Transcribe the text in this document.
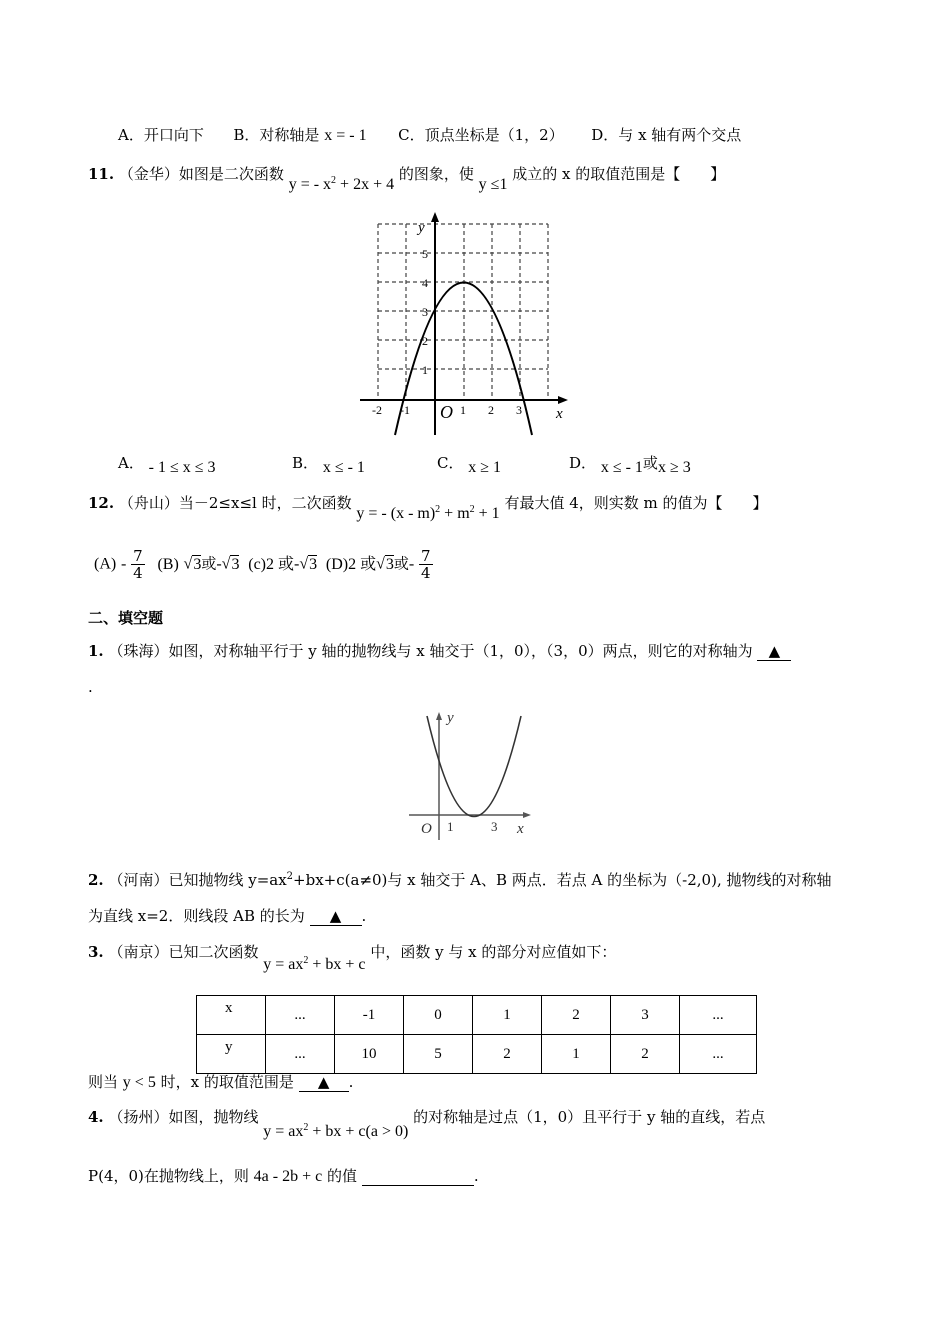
A．开口向下 B．对称轴是 x = - 1 C．顶点坐标是（1，2） D．与 x 轴有两个交点
11. （金华）如图是二次函数 y = - $x^2 + 2x + 4$ 的图象，使 y ≤1 成立的 x 的取值范围是【　　】
y
x
O
1
2
3
4
5
-2 -1	1 2 3
A． - 1 ≤ x ≤ 3	B． x ≤ - 1	C． x ≥ 1	D． x ≤ - 1或x ≥ 3
12. （舟山）当－2≤x≤l 时，二次函数 y = - $(x - m)^2 + m^2 + 1$ 有最大值 4，则实数 m 的值为【　　】
$(A) - \frac{7}{4} (B)$ √3或-√3 (c)2 或-√3 (D)2 或√3或- $\frac{7}{4}$
二、填空题
1. （珠海）如图，对称轴平行于 y 轴的抛物线与 x 轴交于（1，0），（3，0）两点，则它的对称轴为 ▲
.
y
x
O 1	3
2. （河南）已知抛物线 $y=ax^2+bx+c(a\ne 0)$与 x 轴交于 A、B 两点．若点 A 的坐标为（-2,0), 抛物线的对称轴
为直线 x=2．则线段 AB 的长为 ▲ .
3. （南京）已知二次函数 $y = ax^2$ + bx + c 中，函数 y 与 x 的部分对应值如下：
x	...	-1	0	1	2	3	...
y	...	10	5	2	1	2	...
则当 y < 5 时，x 的取值范围是 ▲ .
4. （扬州）如图，抛物线 $y = ax^2$ + bx + c(a > 0) 的对称轴是过点（1，0）且平行于 y 轴的直线，若点
P(4，0)在抛物线上，则 4a - 2b + c 的值	.
